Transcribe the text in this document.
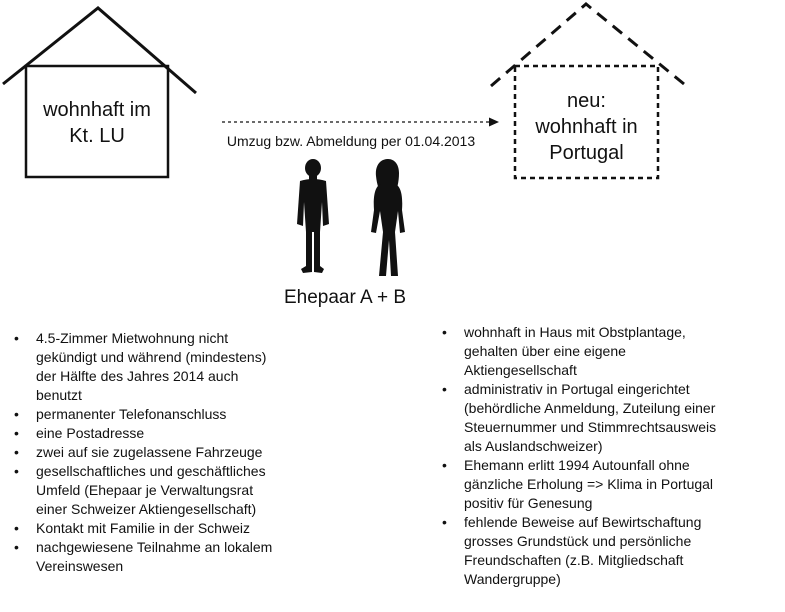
wohnhaft im
Kt. LU
neu:
wohnhaft in
Portugal
Umzug bzw. Abmeldung per 01.04.2013
Ehepaar A + B
• 4.5-Zimmer Mietwohnung nicht
gekündigt und während (mindestens)
der Hälfte des Jahres 2014 auch
benutzt
• permanenter Telefonanschluss
• eine Postadresse
• zwei auf sie zugelassene Fahrzeuge
• gesellschaftliches und geschäftliches
Umfeld (Ehepaar je Verwaltungsrat
einer Schweizer Aktiengesellschaft)
• Kontakt mit Familie in der Schweiz
• nachgewiesene Teilnahme an lokalem
Vereinswesen
• wohnhaft in Haus mit Obstplantage,
gehalten über eine eigene
Aktiengesellschaft
• administrativ in Portugal eingerichtet
(behördliche Anmeldung, Zuteilung einer
Steuernummer und Stimmrechtsausweis
als Auslandschweizer)
• Ehemann erlitt 1994 Autounfall ohne
gänzliche Erholung => Klima in Portugal
positiv für Genesung
• fehlende Beweise auf Bewirtschaftung
grosses Grundstück und persönliche
Freundschaften (z.B. Mitgliedschaft
Wandergruppe)
